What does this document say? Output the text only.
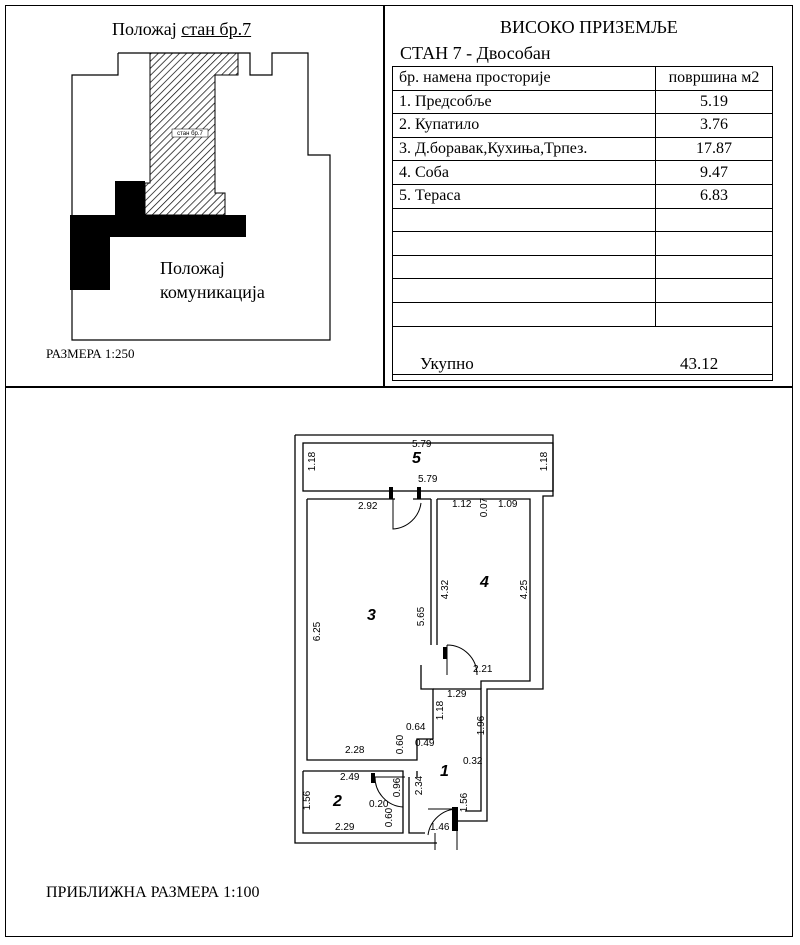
Положај стан бр.7
стан бр.7
Положај
комуникација
РАЗМЕРА 1:250
ВИСОКО ПРИЗЕМЉЕ
СТАН 7 - Двособан
бр. намена просторије	површина м2
1. Предсобље	5.19
2. Купатило	3.76
3. Д.боравак,Кухиња,Трпез.	17.87
4. Соба	9.47
5. Тераса	6.83

Укупно	43.12
5
3
4
1
2
5.79
5.79
1.18	1.18
2.92
6.25
5.65
2.28
1.12 0.07 1.09
4.32	4.25
2.21
1.29
1.18
1.96
0.64
0.49
0.60
0.32
2.34
1.56
1.46
2.49
1.56	0.20
0.96
0.60
2.29
ПРИБЛИЖНА РАЗМЕРА 1:100
